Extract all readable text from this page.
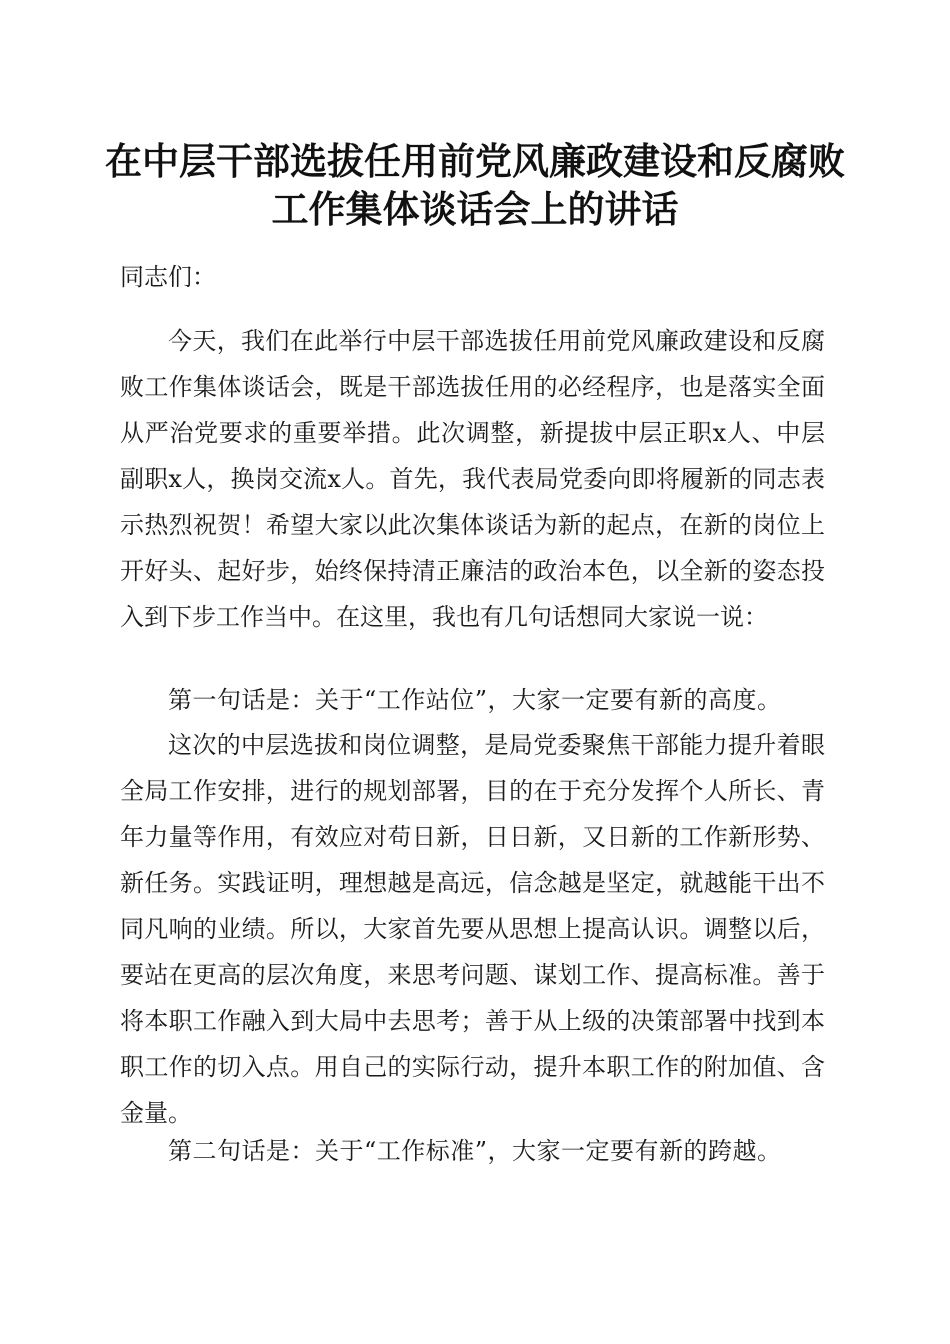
在中层干部选拔任用前党风廉政建设和反腐败
工作集体谈话会上的讲话

同志们：

今天，我们在此举行中层干部选拔任用前党风廉政建设和反腐败工作集体谈话会，既是干部选拔任用的必经程序，也是落实全面从严治党要求的重要举措。此次调整，新提拔中层正职x人、中层副职x人，换岗交流x人。首先，我代表局党委向即将履新的同志表示热烈祝贺！希望大家以此次集体谈话为新的起点，在新的岗位上开好头、起好步，始终保持清正廉洁的政治本色，以全新的姿态投入到下步工作当中。在这里，我也有几句话想同大家说一说：

第一句话是：关于“工作站位”，大家一定要有新的高度。

这次的中层选拔和岗位调整，是局党委聚焦干部能力提升着眼全局工作安排，进行的规划部署，目的在于充分发挥个人所长、青年力量等作用，有效应对苟日新，日日新，又日新的工作新形势、新任务。实践证明，理想越是高远，信念越是坚定，就越能干出不同凡响的业绩。所以，大家首先要从思想上提高认识。调整以后，要站在更高的层次角度，来思考问题、谋划工作、提高标准。善于将本职工作融入到大局中去思考；善于从上级的决策部署中找到本职工作的切入点。用自己的实际行动，提升本职工作的附加值、含金量。

第二句话是：关于“工作标准”，大家一定要有新的跨越。
